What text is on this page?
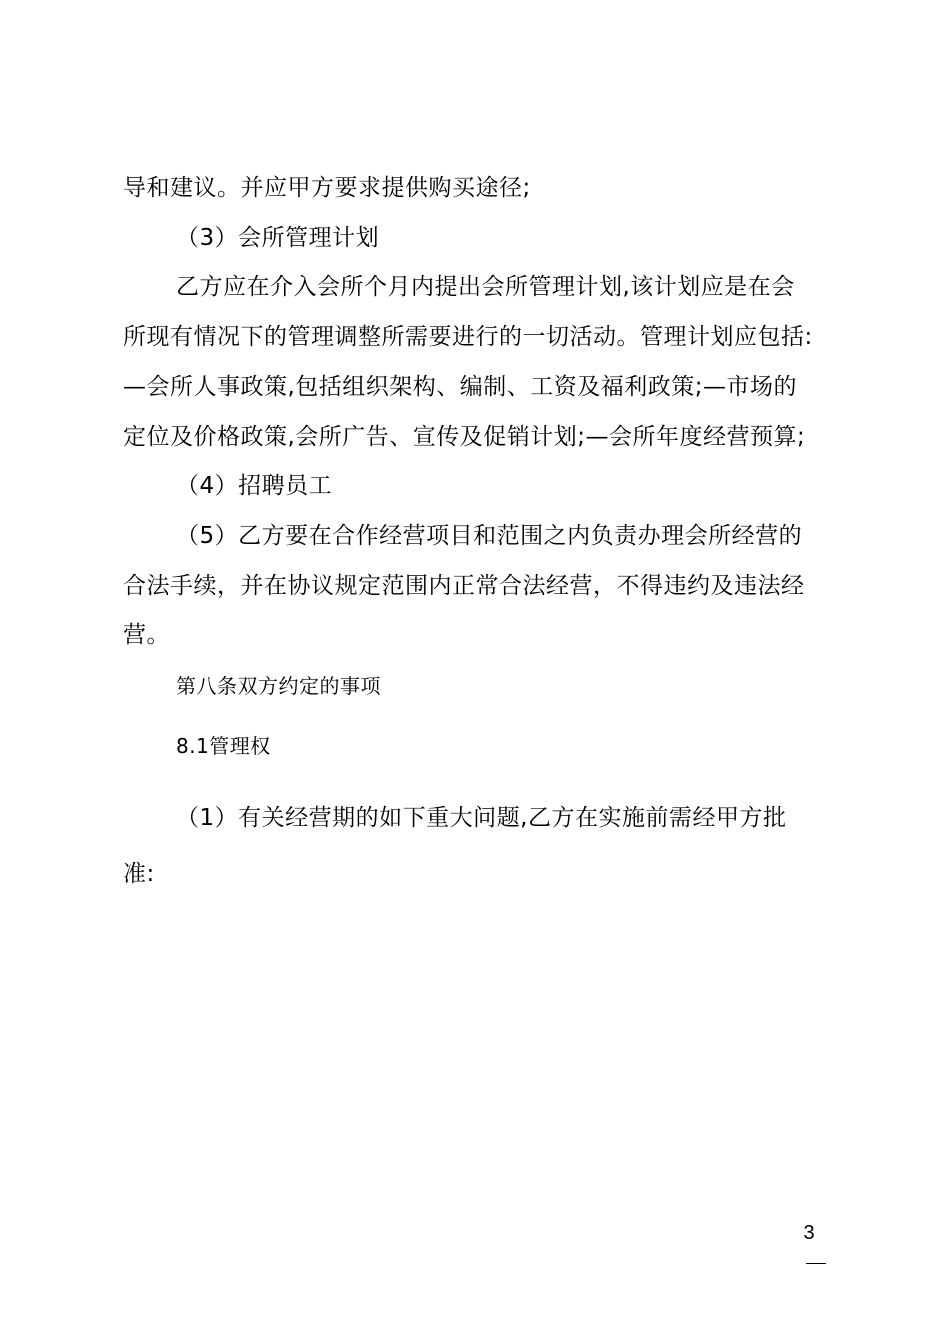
导和建议。并应甲方要求提供购买途径;
（3）会所管理计划
乙方应在介入会所个月内提出会所管理计划,该计划应是在会
所现有情况下的管理调整所需要进行的一切活动。管理计划应包括:
—会所人事政策,包括组织架构、编制、工资及福利政策;—市场的
定位及价格政策,会所广告、宣传及促销计划;—会所年度经营预算;
（4）招聘员工
（5）乙方要在合作经营项目和范围之内负责办理会所经营的
合法手续，并在协议规定范围内正常合法经营，不得违约及违法经
营。
第八条双方约定的事项
8.1管理权
（1）有关经营期的如下重大问题,乙方在实施前需经甲方批
准:
3
